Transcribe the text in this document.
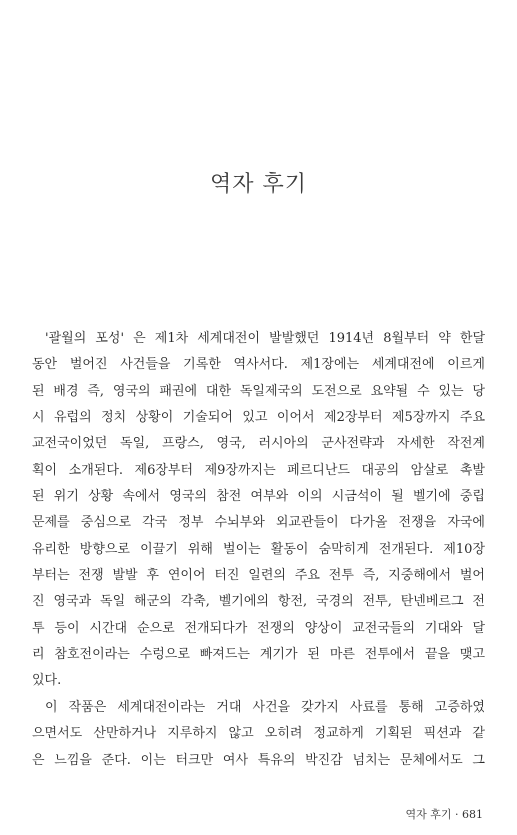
역자 후기
'괄월의 포성' 은 제1차 세계대전이 발발했던 1914년 8월부터 약 한달
동안 벌어진 사건들을 기록한 역사서다. 제1장에는 세계대전에 이르게
된 배경 즉, 영국의 패권에 대한 독일제국의 도전으로 요약될 수 있는 당
시 유럽의 정치 상황이 기술되어 있고 이어서 제2장부터 제5장까지 주요
교전국이었던 독일, 프랑스, 영국, 러시아의 군사전략과 자세한 작전계
획이 소개된다. 제6장부터 제9장까지는 페르디난드 대공의 암살로 촉발
된 위기 상황 속에서 영국의 참전 여부와 이의 시금석이 될 벨기에 중립
문제를 중심으로 각국 정부 수뇌부와 외교관들이 다가올 전쟁을 자국에
유리한 방향으로 이끌기 위해 벌이는 활동이 숨막히게 전개된다. 제10장
부터는 전쟁 발발 후 연이어 터진 일련의 주요 전투 즉, 지중해에서 벌어
진 영국과 독일 해군의 각축, 벨기에의 항전, 국경의 전투, 탄넨베르그 전
투 등이 시간대 순으로 전개되다가 전쟁의 양상이 교전국들의 기대와 달
리 참호전이라는 수렁으로 빠져드는 계기가 된 마른 전투에서 끝을 맺고
있다.
이 작품은 세계대전이라는 거대 사건을 갖가지 사료를 통해 고증하였
으면서도 산만하거나 지루하지 않고 오히려 정교하게 기획된 픽션과 같
은 느낌을 준다. 이는 터크만 여사 특유의 박진감 넘치는 문체에서도 그
역자 후기 · 681
